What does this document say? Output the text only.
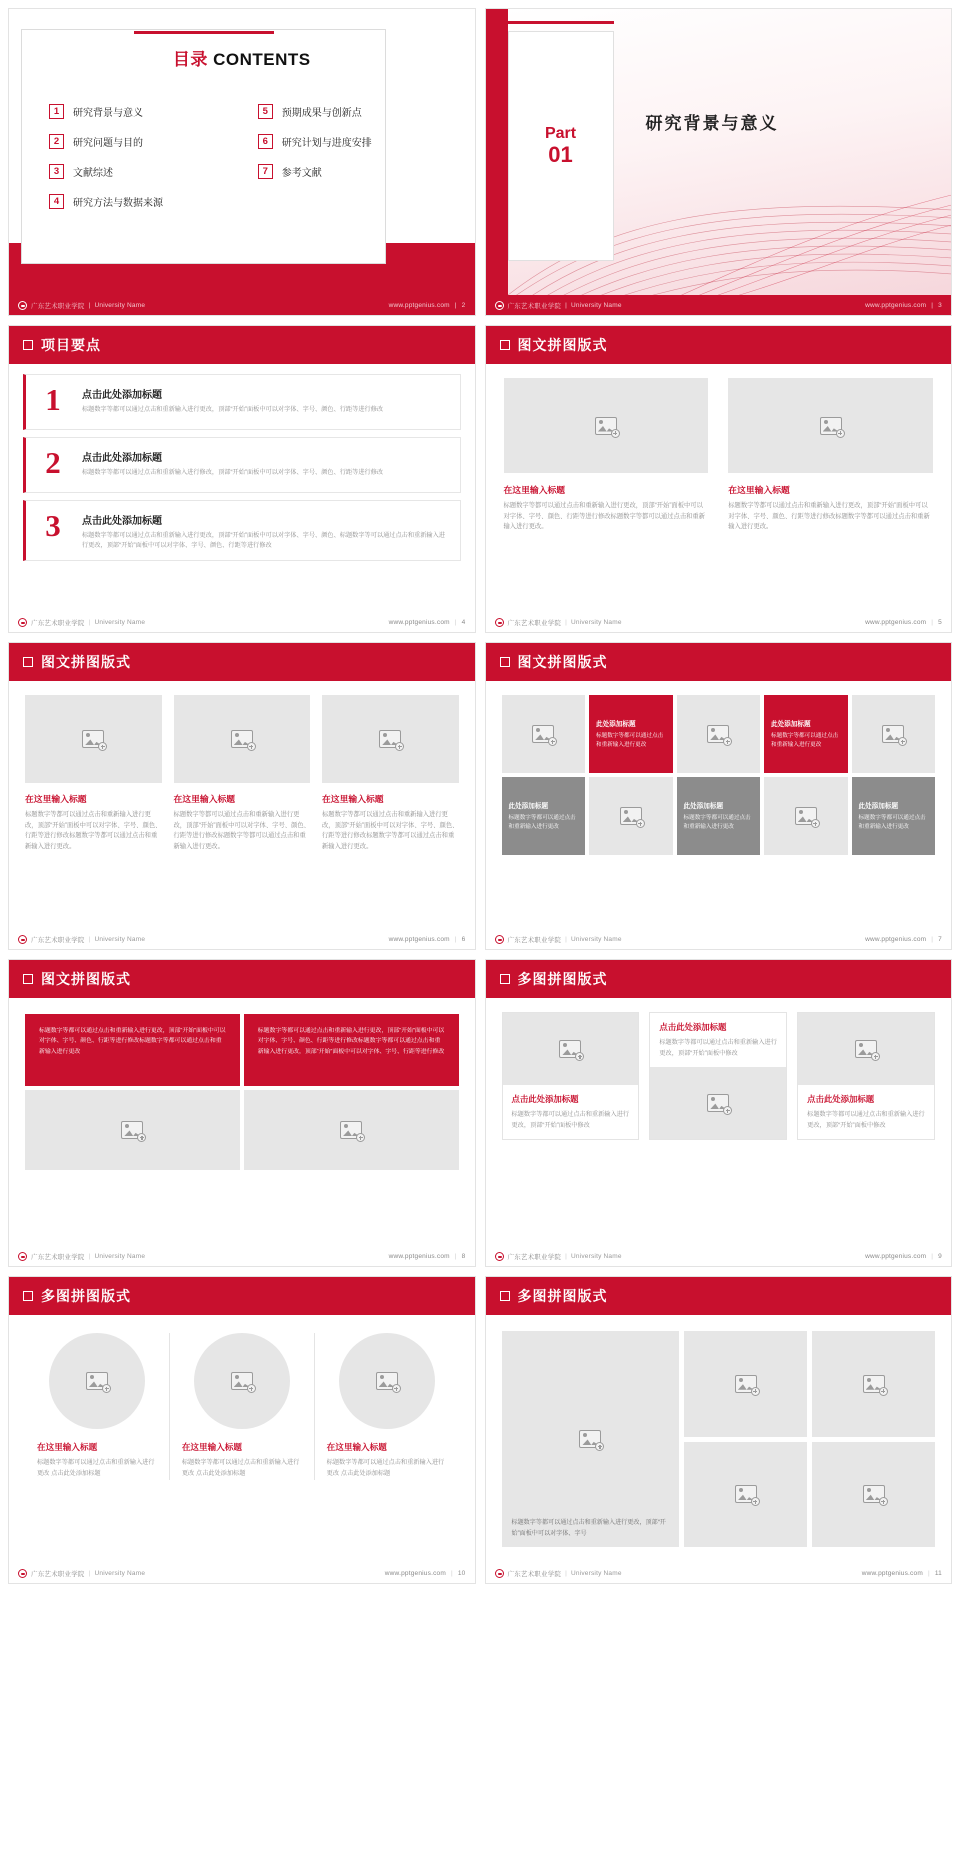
目录 CONTENTS
1	研究背景与意义	5	预期成果与创新点
2	研究问题与目的	6	研究计划与进度安排
3	文献综述	7	参考文献
4	研究方法与数据来源
广东艺术职业学院 | University Name	www.pptgenius.com | 2
Part
01
研究背景与意义
广东艺术职业学院 | University Name	www.pptgenius.com | 3
项目要点
1	点击此处添加标题
标题数字等都可以通过点击和重新输入进行更改，顶部“开始”面板中可以对字体、字号、颜色、行距等进行修改
2	点击此处添加标题
标题数字等都可以通过点击和重新输入进行修改，顶部“开始”面板中可以对字体、字号、颜色、行距等进行修改
3	点击此处添加标题
标题数字等都可以通过点击和重新输入进行更改，顶部“开始”面板中可以对字体、字号、颜色、标题数字等可以通过点击和重新输入进行更改，顶部“开始”面板中可以对字体、字号、颜色、行距等进行修改
广东艺术职业学院 | University Name	www.pptgenius.com | 4
图文拼图版式
在这里输入标题
标题数字等都可以通过点击和重新输入进行更改，顶部“开始”面板中可以对字体、字号、颜色、行距等进行修改标题数字等都可以通过点击和重新输入进行更改。
在这里输入标题
标题数字等都可以通过点击和重新输入进行更改，顶部“开始”面板中可以对字体、字号、颜色、行距等进行修改标题数字等都可以通过点击和重新输入进行更改。
广东艺术职业学院 | University Name	www.pptgenius.com | 5
图文拼图版式
在这里输入标题
标题数字等都可以通过点击和重新输入进行更改，顶部“开始”面板中可以对字体、字号、颜色、行距等进行修改标题数字等都可以通过点击和重新输入进行更改。
在这里输入标题
标题数字等都可以通过点击和重新输入进行更改，顶部“开始”面板中可以对字体、字号、颜色、行距等进行修改标题数字等都可以通过点击和重新输入进行更改。
在这里输入标题
标题数字等都可以通过点击和重新输入进行更改，顶部“开始”面板中可以对字体、字号、颜色、行距等进行修改标题数字等都可以通过点击和重新输入进行更改。
广东艺术职业学院 | University Name	www.pptgenius.com | 6
图文拼图版式
此处添加标题
标题数字等都可以通过点击和重新输入进行更改
此处添加标题
标题数字等都可以通过点击和重新输入进行更改
此处添加标题
标题数字等都可以通过点击和重新输入进行更改
此处添加标题
标题数字等都可以通过点击和重新输入进行更改
此处添加标题
标题数字等都可以通过点击和重新输入进行更改
广东艺术职业学院 | University Name	www.pptgenius.com | 7
图文拼图版式
标题数字等都可以通过点击和重新输入进行更改，顶部“开始”面板中可以对字体、字号、颜色、行距等进行修改标题数字等都可以通过点击和重新输入进行更改
标题数字等都可以通过点击和重新输入进行更改，顶部“开始”面板中可以对字体、字号、颜色、行距等进行修改标题数字等都可以通过点击和重新输入进行更改，顶部“开始”面板中可以对字体、字号、行距等进行修改
广东艺术职业学院 | University Name	www.pptgenius.com | 8
多图拼图版式
点击此处添加标题
标题数字等都可以通过点击和重新输入进行更改，顶部“开始”面板中修改
点击此处添加标题
标题数字等都可以通过点击和重新输入进行更改，顶部“开始”面板中修改
点击此处添加标题
标题数字等都可以通过点击和重新输入进行更改，顶部“开始”面板中修改
广东艺术职业学院 | University Name	www.pptgenius.com | 9
多图拼图版式
在这里输入标题
标题数字等都可以通过点击和重新输入进行更改 点击此处添加标题
在这里输入标题
标题数字等都可以通过点击和重新输入进行更改 点击此处添加标题
在这里输入标题
标题数字等都可以通过点击和重新输入进行更改 点击此处添加标题
广东艺术职业学院 | University Name	www.pptgenius.com | 10
多图拼图版式
标题数字等都可以通过点击和重新输入进行更改，顶部“开始”面板中可以对字体、字号
广东艺术职业学院 | University Name	www.pptgenius.com | 11
